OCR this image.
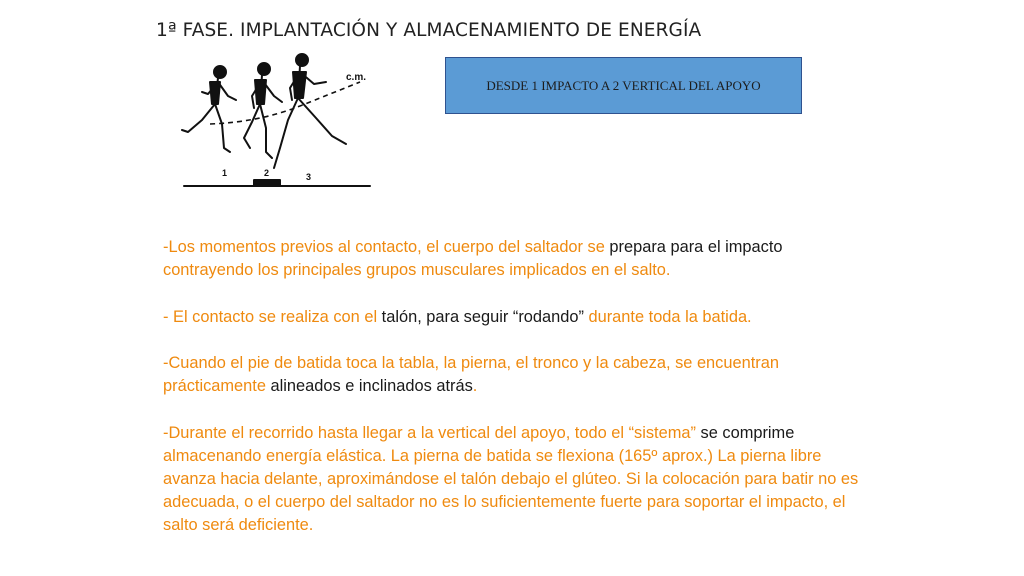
1ª FASE. IMPLANTACIÓN Y ALMACENAMIENTO DE ENERGÍA
c.m.
1	2	3
DESDE 1 IMPACTO A 2 VERTICAL DEL APOYO

-Los momentos previos al contacto, el cuerpo del saltador se prepara para el impacto contrayendo los principales grupos musculares implicados en el salto.

- El contacto se realiza con el talón, para seguir “rodando” durante toda la batida.

-Cuando el pie de batida toca la tabla, la pierna, el tronco y la cabeza, se encuentran prácticamente alineados e inclinados atrás.

-Durante el recorrido hasta llegar a la vertical del apoyo, todo el “sistema” se comprime almacenando energía elástica. La pierna de batida se flexiona (165º aprox.) La pierna libre avanza hacia delante, aproximándose el talón debajo el glúteo. Si la colocación para batir no es adecuada, o el cuerpo del saltador no es lo suficientemente fuerte para soportar el impacto, el salto será deficiente.
